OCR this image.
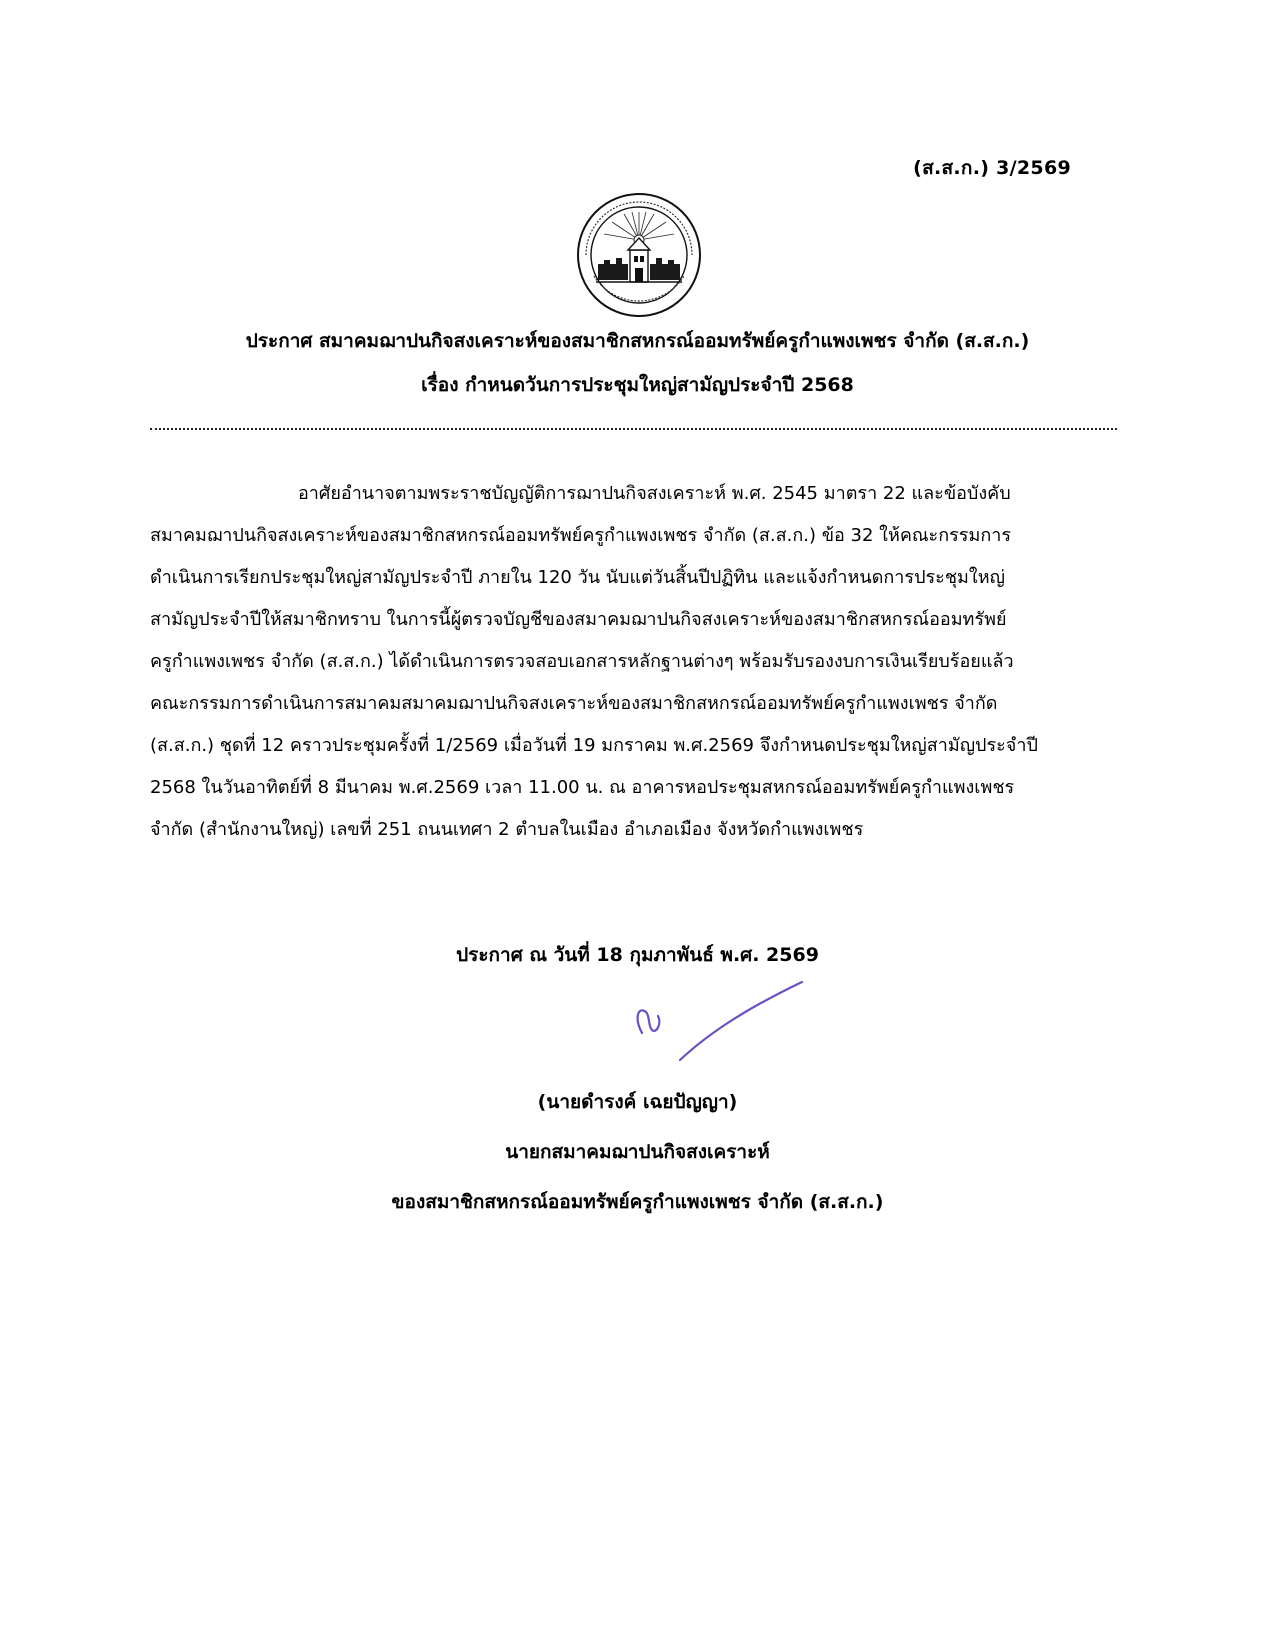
(ส.ส.ก.) 3/2569
ประกาศ สมาคมฌาปนกิจสงเคราะห์ของสมาชิกสหกรณ์ออมทรัพย์ครูกำแพงเพชร จำกัด (ส.ส.ก.)
เรื่อง กำหนดวันการประชุมใหญ่สามัญประจำปี 2568
อาศัยอำนาจตามพระราชบัญญัติการฌาปนกิจสงเคราะห์ พ.ศ. 2545 มาตรา 22 และข้อบังคับ
สมาคมฌาปนกิจสงเคราะห์ของสมาชิกสหกรณ์ออมทรัพย์ครูกำแพงเพชร จำกัด (ส.ส.ก.) ข้อ 32 ให้คณะกรรมการ
ดำเนินการเรียกประชุมใหญ่สามัญประจำปี ภายใน 120 วัน นับแต่วันสิ้นปีปฏิทิน และแจ้งกำหนดการประชุมใหญ่
สามัญประจำปีให้สมาชิกทราบ ในการนี้ผู้ตรวจบัญชีของสมาคมฌาปนกิจสงเคราะห์ของสมาชิกสหกรณ์ออมทรัพย์
ครูกำแพงเพชร จำกัด (ส.ส.ก.) ได้ดำเนินการตรวจสอบเอกสารหลักฐานต่างๆ พร้อมรับรองงบการเงินเรียบร้อยแล้ว
คณะกรรมการดำเนินการสมาคมสมาคมฌาปนกิจสงเคราะห์ของสมาชิกสหกรณ์ออมทรัพย์ครูกำแพงเพชร จำกัด
(ส.ส.ก.) ชุดที่ 12 คราวประชุมครั้งที่ 1/2569 เมื่อวันที่ 19 มกราคม พ.ศ.2569 จึงกำหนดประชุมใหญ่สามัญประจำปี
2568 ในวันอาทิตย์ที่ 8 มีนาคม พ.ศ.2569 เวลา 11.00 น. ณ อาคารหอประชุมสหกรณ์ออมทรัพย์ครูกำแพงเพชร
จำกัด (สำนักงานใหญ่) เลขที่ 251 ถนนเทศา 2 ตำบลในเมือง อำเภอเมือง จังหวัดกำแพงเพชร
ประกาศ ณ วันที่ 18 กุมภาพันธ์ พ.ศ. 2569
(นายดำรงค์ เฉยปัญญา)
นายกสมาคมฌาปนกิจสงเคราะห์
ของสมาชิกสหกรณ์ออมทรัพย์ครูกำแพงเพชร จำกัด (ส.ส.ก.)
